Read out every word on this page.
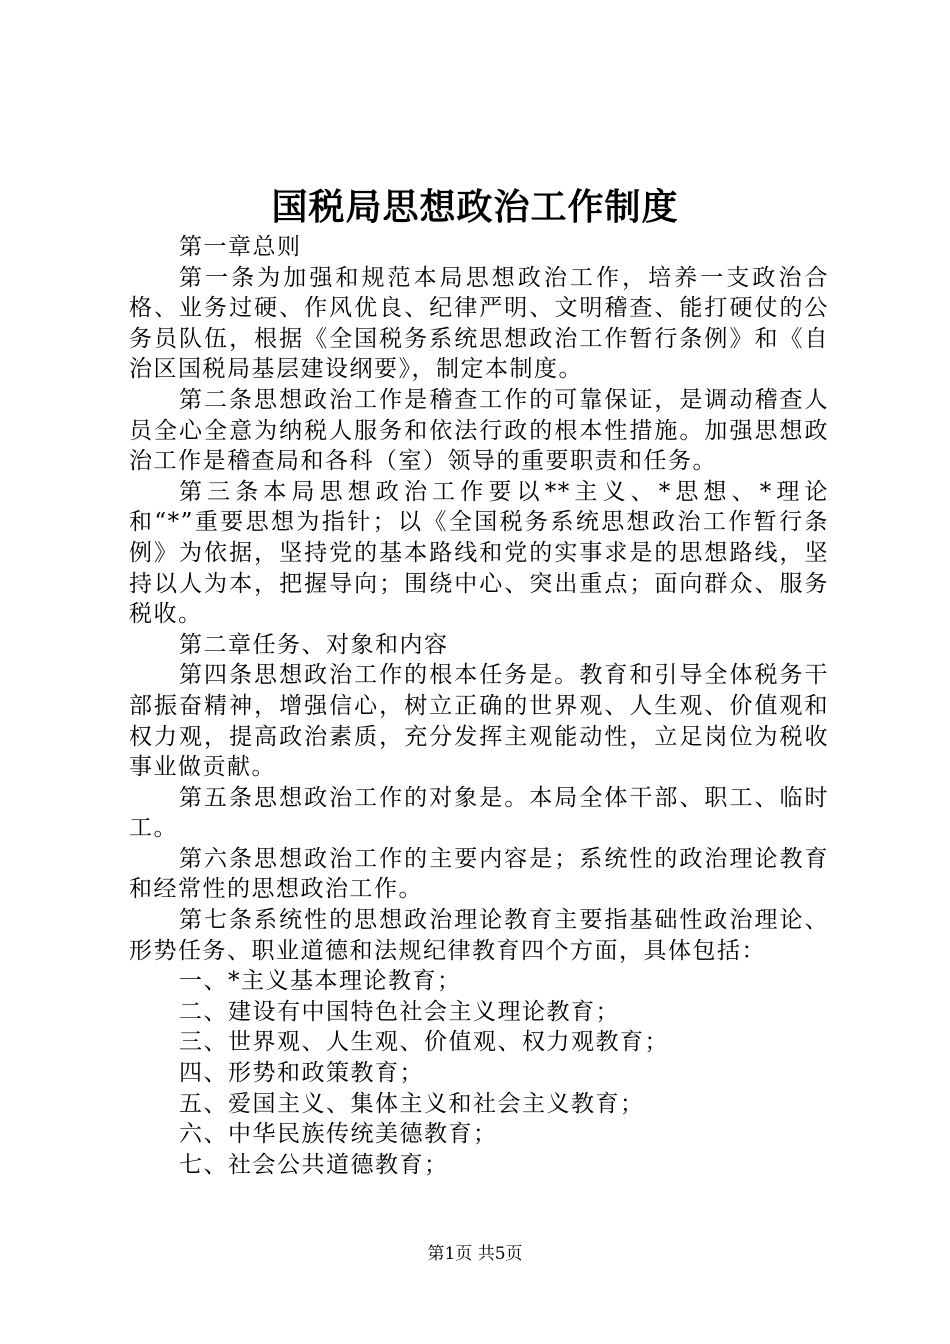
国税局思想政治工作制度

第一章总则

第一条为加强和规范本局思想政治工作，培养一支政治合格、业务过硬、作风优良、纪律严明、文明稽查、能打硬仗的公务员队伍，根据《全国税务系统思想政治工作暂行条例》和《自治区国税局基层建设纲要》，制定本制度。

第二条思想政治工作是稽查工作的可靠保证，是调动稽查人员全心全意为纳税人服务和依法行政的根本性措施。加强思想政治工作是稽查局和各科（室）领导的重要职责和任务。

第三条本局思想政治工作要以**主义、*思想、*理论和“*”重要思想为指针；以《全国税务系统思想政治工作暂行条例》为依据，坚持党的基本路线和党的实事求是的思想路线，坚持以人为本，把握导向；围绕中心、突出重点；面向群众、服务税收。

第二章任务、对象和内容

第四条思想政治工作的根本任务是。教育和引导全体税务干部振奋精神，增强信心，树立正确的世界观、人生观、价值观和权力观，提高政治素质，充分发挥主观能动性，立足岗位为税收事业做贡献。

第五条思想政治工作的对象是。本局全体干部、职工、临时工。

第六条思想政治工作的主要内容是；系统性的政治理论教育和经常性的思想政治工作。

第七条系统性的思想政治理论教育主要指基础性政治理论、形势任务、职业道德和法规纪律教育四个方面，具体包括：

一、*主义基本理论教育；

二、建设有中国特色社会主义理论教育；

三、世界观、人生观、价值观、权力观教育；

四、形势和政策教育；

五、爱国主义、集体主义和社会主义教育；

六、中华民族传统美德教育；

七、社会公共道德教育；

第1页 共5页
